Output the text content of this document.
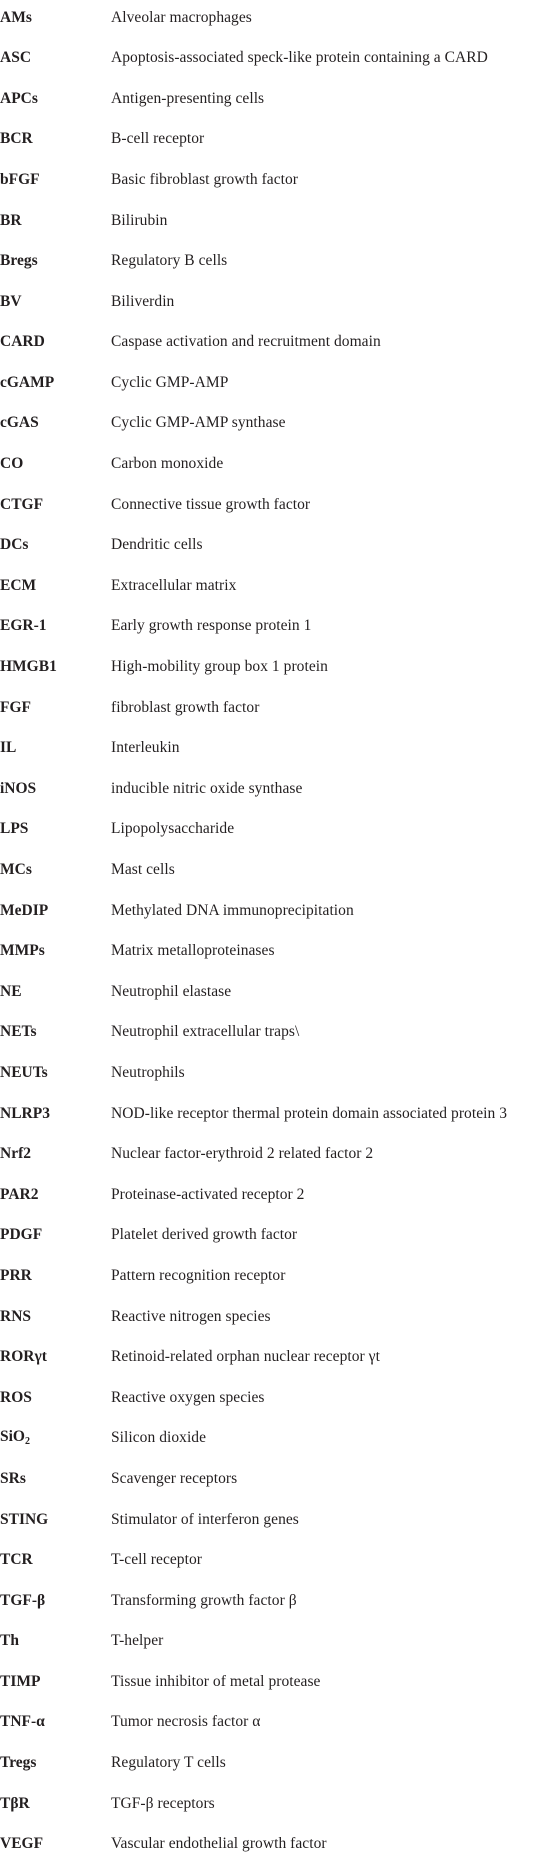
AMs	Alveolar macrophages
ASC	Apoptosis-associated speck-like protein containing a CARD
APCs	Antigen-presenting cells
BCR	B-cell receptor
bFGF	Basic fibroblast growth factor
BR	Bilirubin
Bregs	Regulatory B cells
BV	Biliverdin
CARD	Caspase activation and recruitment domain
cGAMP	Cyclic GMP-AMP
cGAS	Cyclic GMP-AMP synthase
CO	Carbon monoxide
CTGF	Connective tissue growth factor
DCs	Dendritic cells
ECM	Extracellular matrix
EGR-1	Early growth response protein 1
HMGB1	High-mobility group box 1 protein
FGF	fibroblast growth factor
IL	Interleukin
iNOS	inducible nitric oxide synthase
LPS	Lipopolysaccharide
MCs	Mast cells
MeDIP	Methylated DNA immunoprecipitation
MMPs	Matrix metalloproteinases
NE	Neutrophil elastase
NETs	Neutrophil extracellular traps\
NEUTs	Neutrophils
NLRP3	NOD-like receptor thermal protein domain associated protein 3
Nrf2	Nuclear factor-erythroid 2 related factor 2
PAR2	Proteinase-activated receptor 2
PDGF	Platelet derived growth factor
PRR	Pattern recognition receptor
RNS	Reactive nitrogen species
RORγt	Retinoid-related orphan nuclear receptor γt
ROS	Reactive oxygen species
SiO$_2$	Silicon dioxide
SRs	Scavenger receptors
STING	Stimulator of interferon genes
TCR	T-cell receptor
TGF-β	Transforming growth factor β
Th	T-helper
TIMP	Tissue inhibitor of metal protease
TNF-α	Tumor necrosis factor α
Tregs	Regulatory T cells
TβR	TGF-β receptors
VEGF	Vascular endothelial growth factor
